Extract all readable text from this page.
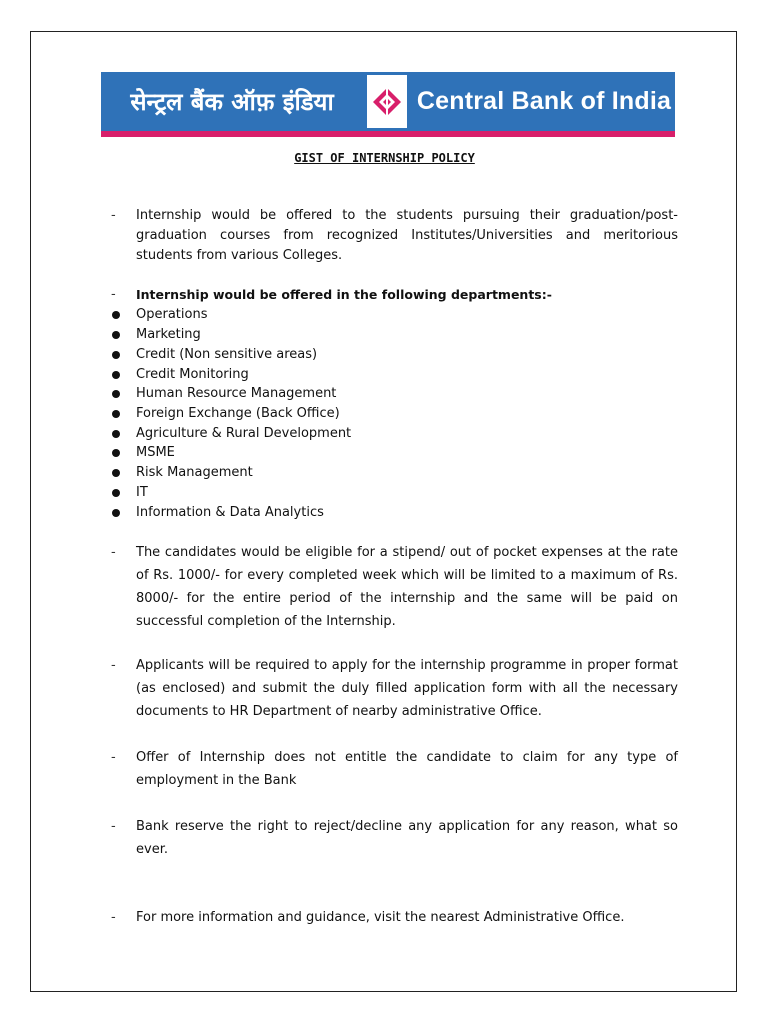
सेन्ट्रल बैंक ऑफ़ इंडिया	Central Bank of India
GIST OF INTERNSHIP POLICY
- Internship would be offered to the students pursuing their graduation/post-graduation courses from recognized Institutes/Universities and meritorious students from various Colleges.
- Internship would be offered in the following departments:-
Operations
Marketing
Credit (Non sensitive areas)
Credit Monitoring
Human Resource Management
Foreign Exchange (Back Office)
Agriculture & Rural Development
MSME
Risk Management
IT
Information & Data Analytics
- The candidates would be eligible for a stipend/ out of pocket expenses at the rate of Rs. 1000/- for every completed week which will be limited to a maximum of Rs. 8000/- for the entire period of the internship and the same will be paid on successful completion of the Internship.
- Applicants will be required to apply for the internship programme in proper format (as enclosed) and submit the duly filled application form with all the necessary documents to HR Department of nearby administrative Office.
- Offer of Internship does not entitle the candidate to claim for any type of employment in the Bank
- Bank reserve the right to reject/decline any application for any reason, what so ever.
- For more information and guidance, visit the nearest Administrative Office.
